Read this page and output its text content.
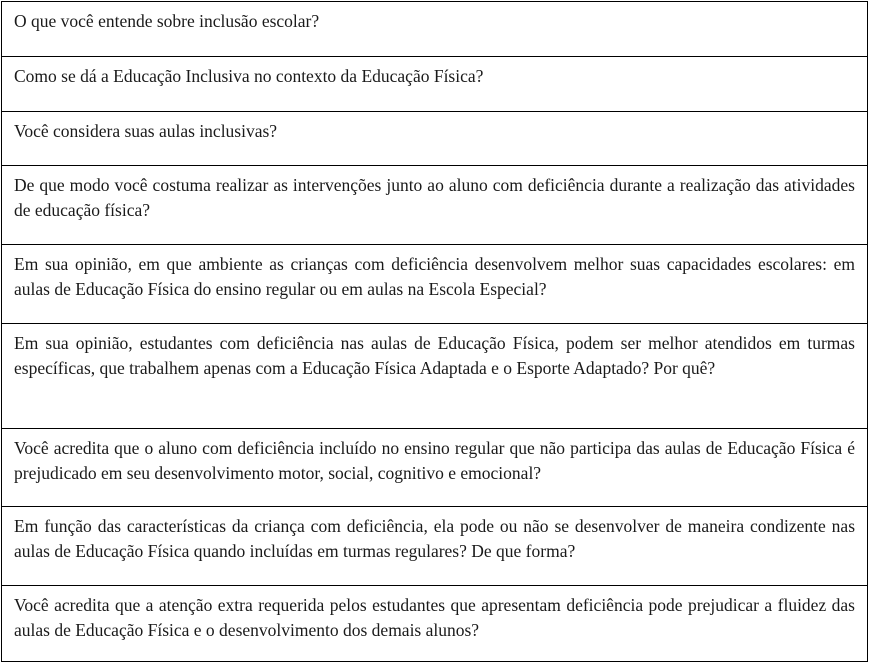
O que você entende sobre inclusão escolar?
Como se dá a Educação Inclusiva no contexto da Educação Física?
Você considera suas aulas inclusivas?
De que modo você costuma realizar as intervenções junto ao aluno com deficiência durante a realização das atividades de educação física?
Em sua opinião, em que ambiente as crianças com deficiência desenvolvem melhor suas capacidades escolares: em aulas de Educação Física do ensino regular ou em aulas na Escola Especial?
Em sua opinião, estudantes com deficiência nas aulas de Educação Física, podem ser melhor atendidos em turmas específicas, que trabalhem apenas com a Educação Física Adaptada e o Esporte Adaptado? Por quê?
Você acredita que o aluno com deficiência incluído no ensino regular que não participa das aulas de Educação Física é prejudicado em seu desenvolvimento motor, social, cognitivo e emocional?
Em função das características da criança com deficiência, ela pode ou não se desenvolver de maneira condizente nas aulas de Educação Física quando incluídas em turmas regulares? De que forma?
Você acredita que a atenção extra requerida pelos estudantes que apresentam deficiência pode prejudicar a fluidez das aulas de Educação Física e o desenvolvimento dos demais alunos?
